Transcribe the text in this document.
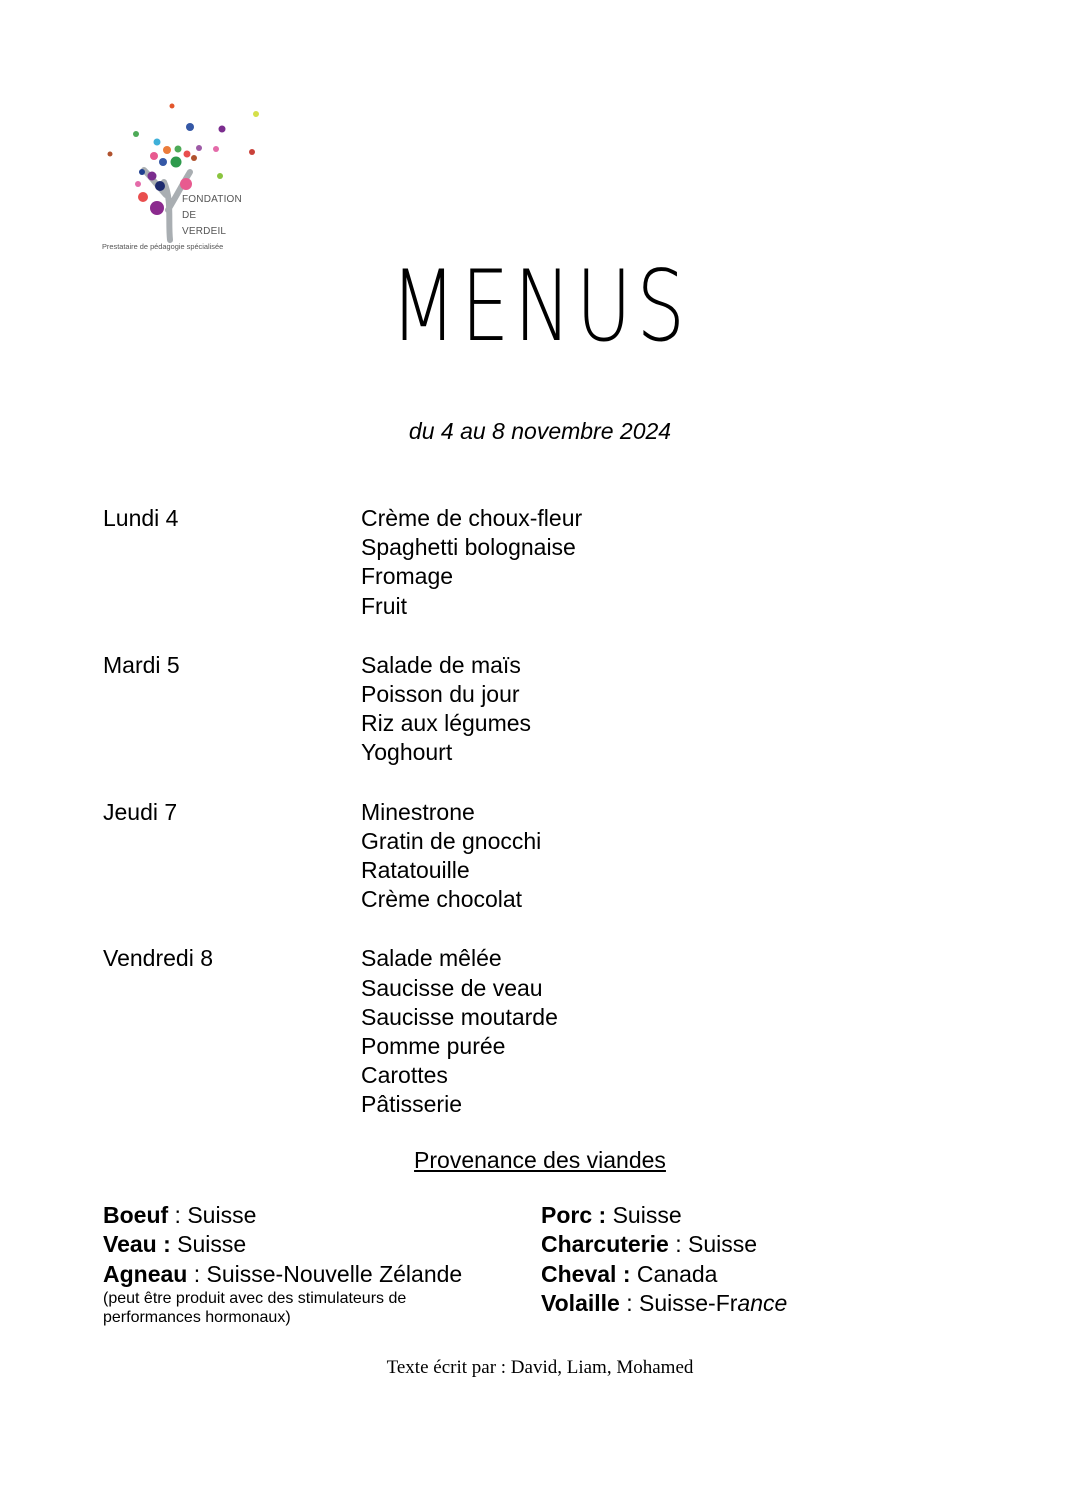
FONDATION
DE
VERDEIL
Prestataire de pédagogie spécialisée
MENUS
du 4 au 8 novembre 2024
Lundi 4	Crème de choux-fleur
Spaghetti bolognaise
Fromage
Fruit
Mardi 5	Salade de maïs
Poisson du jour
Riz aux légumes
Yoghourt
Jeudi 7	Minestrone
Gratin de gnocchi
Ratatouille
Crème chocolat
Vendredi 8	Salade mêlée
Saucisse de veau
Saucisse moutarde
Pomme purée
Carottes
Pâtisserie
Provenance des viandes
Boeuf : Suisse
Veau : Suisse
Agneau : Suisse-Nouvelle Zélande
(peut être produit avec des stimulateurs de performances hormonaux)
Porc : Suisse
Charcuterie : Suisse
Cheval : Canada
Volaille : Suisse-France
Texte écrit par : David, Liam, Mohamed
